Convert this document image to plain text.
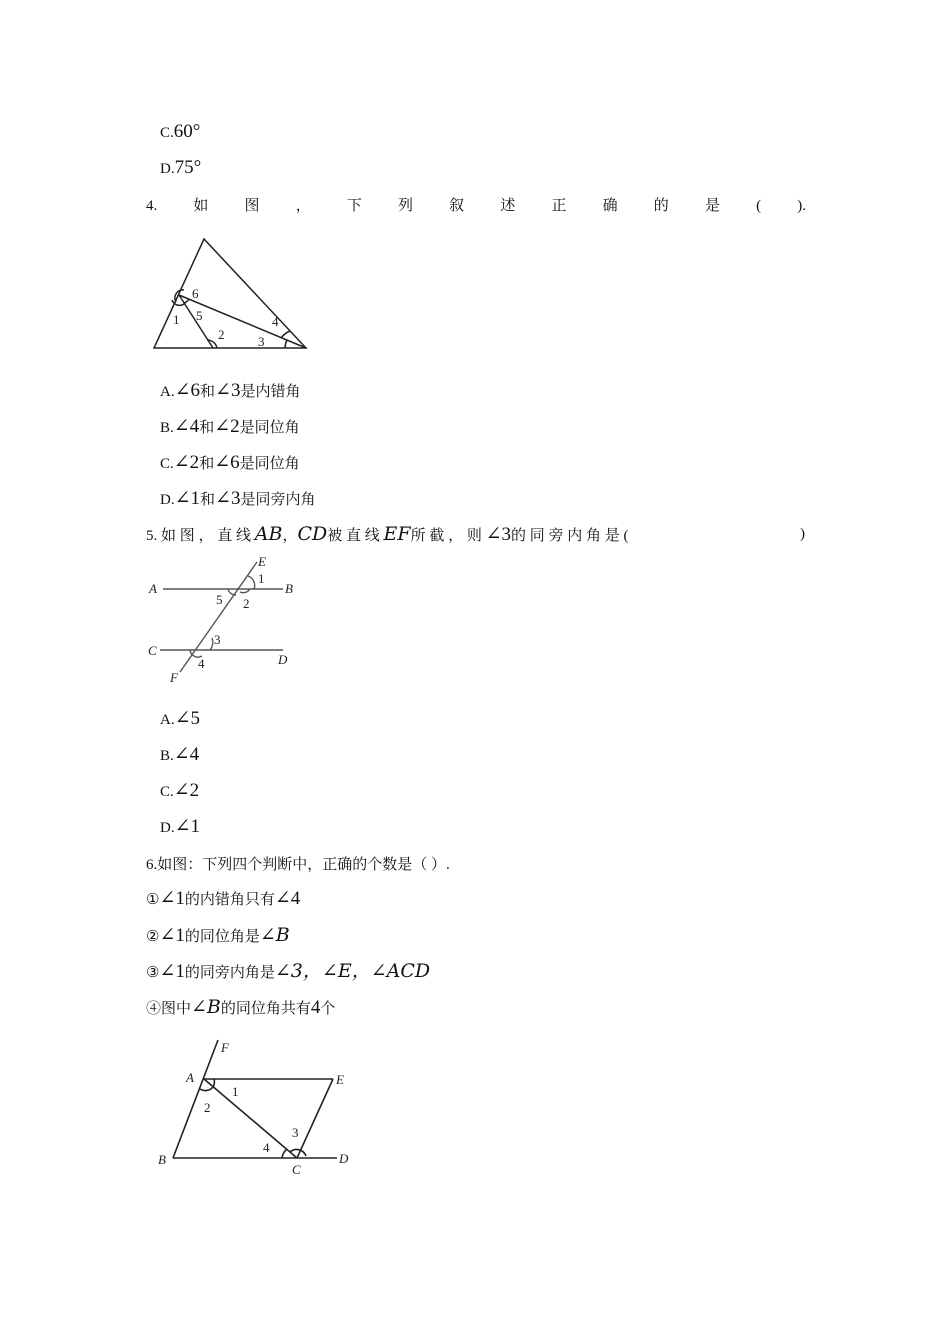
C.60°
D.75°
4. 如 图 ， 下 列 叙 述 正 确 的 是 ( ).
6
1 5
2	3
4
A	B
C
D
E
F
1
2
5
3
4
F
A	E
B
C
D
1
2
3
4
A.∠6和∠3是内错角
B.∠4和∠2是同位角
C.∠2和∠6是同位角
D.∠1和∠3是同旁内角
5. 如 图 ， 直 线 AB，CD被 直 线 EF所 截 ， 则 ∠3的 同 旁 内 角 是 (	)
A.∠5
B.∠4
C.∠2
D.∠1
6.如图：下列四个判断中，正确的个数是（ ）.
①∠1的内错角只有∠4
②∠1的同位角是∠B
③∠1的同旁内角是∠3，∠E，∠ACD
④图中∠B的同位角共有4个
